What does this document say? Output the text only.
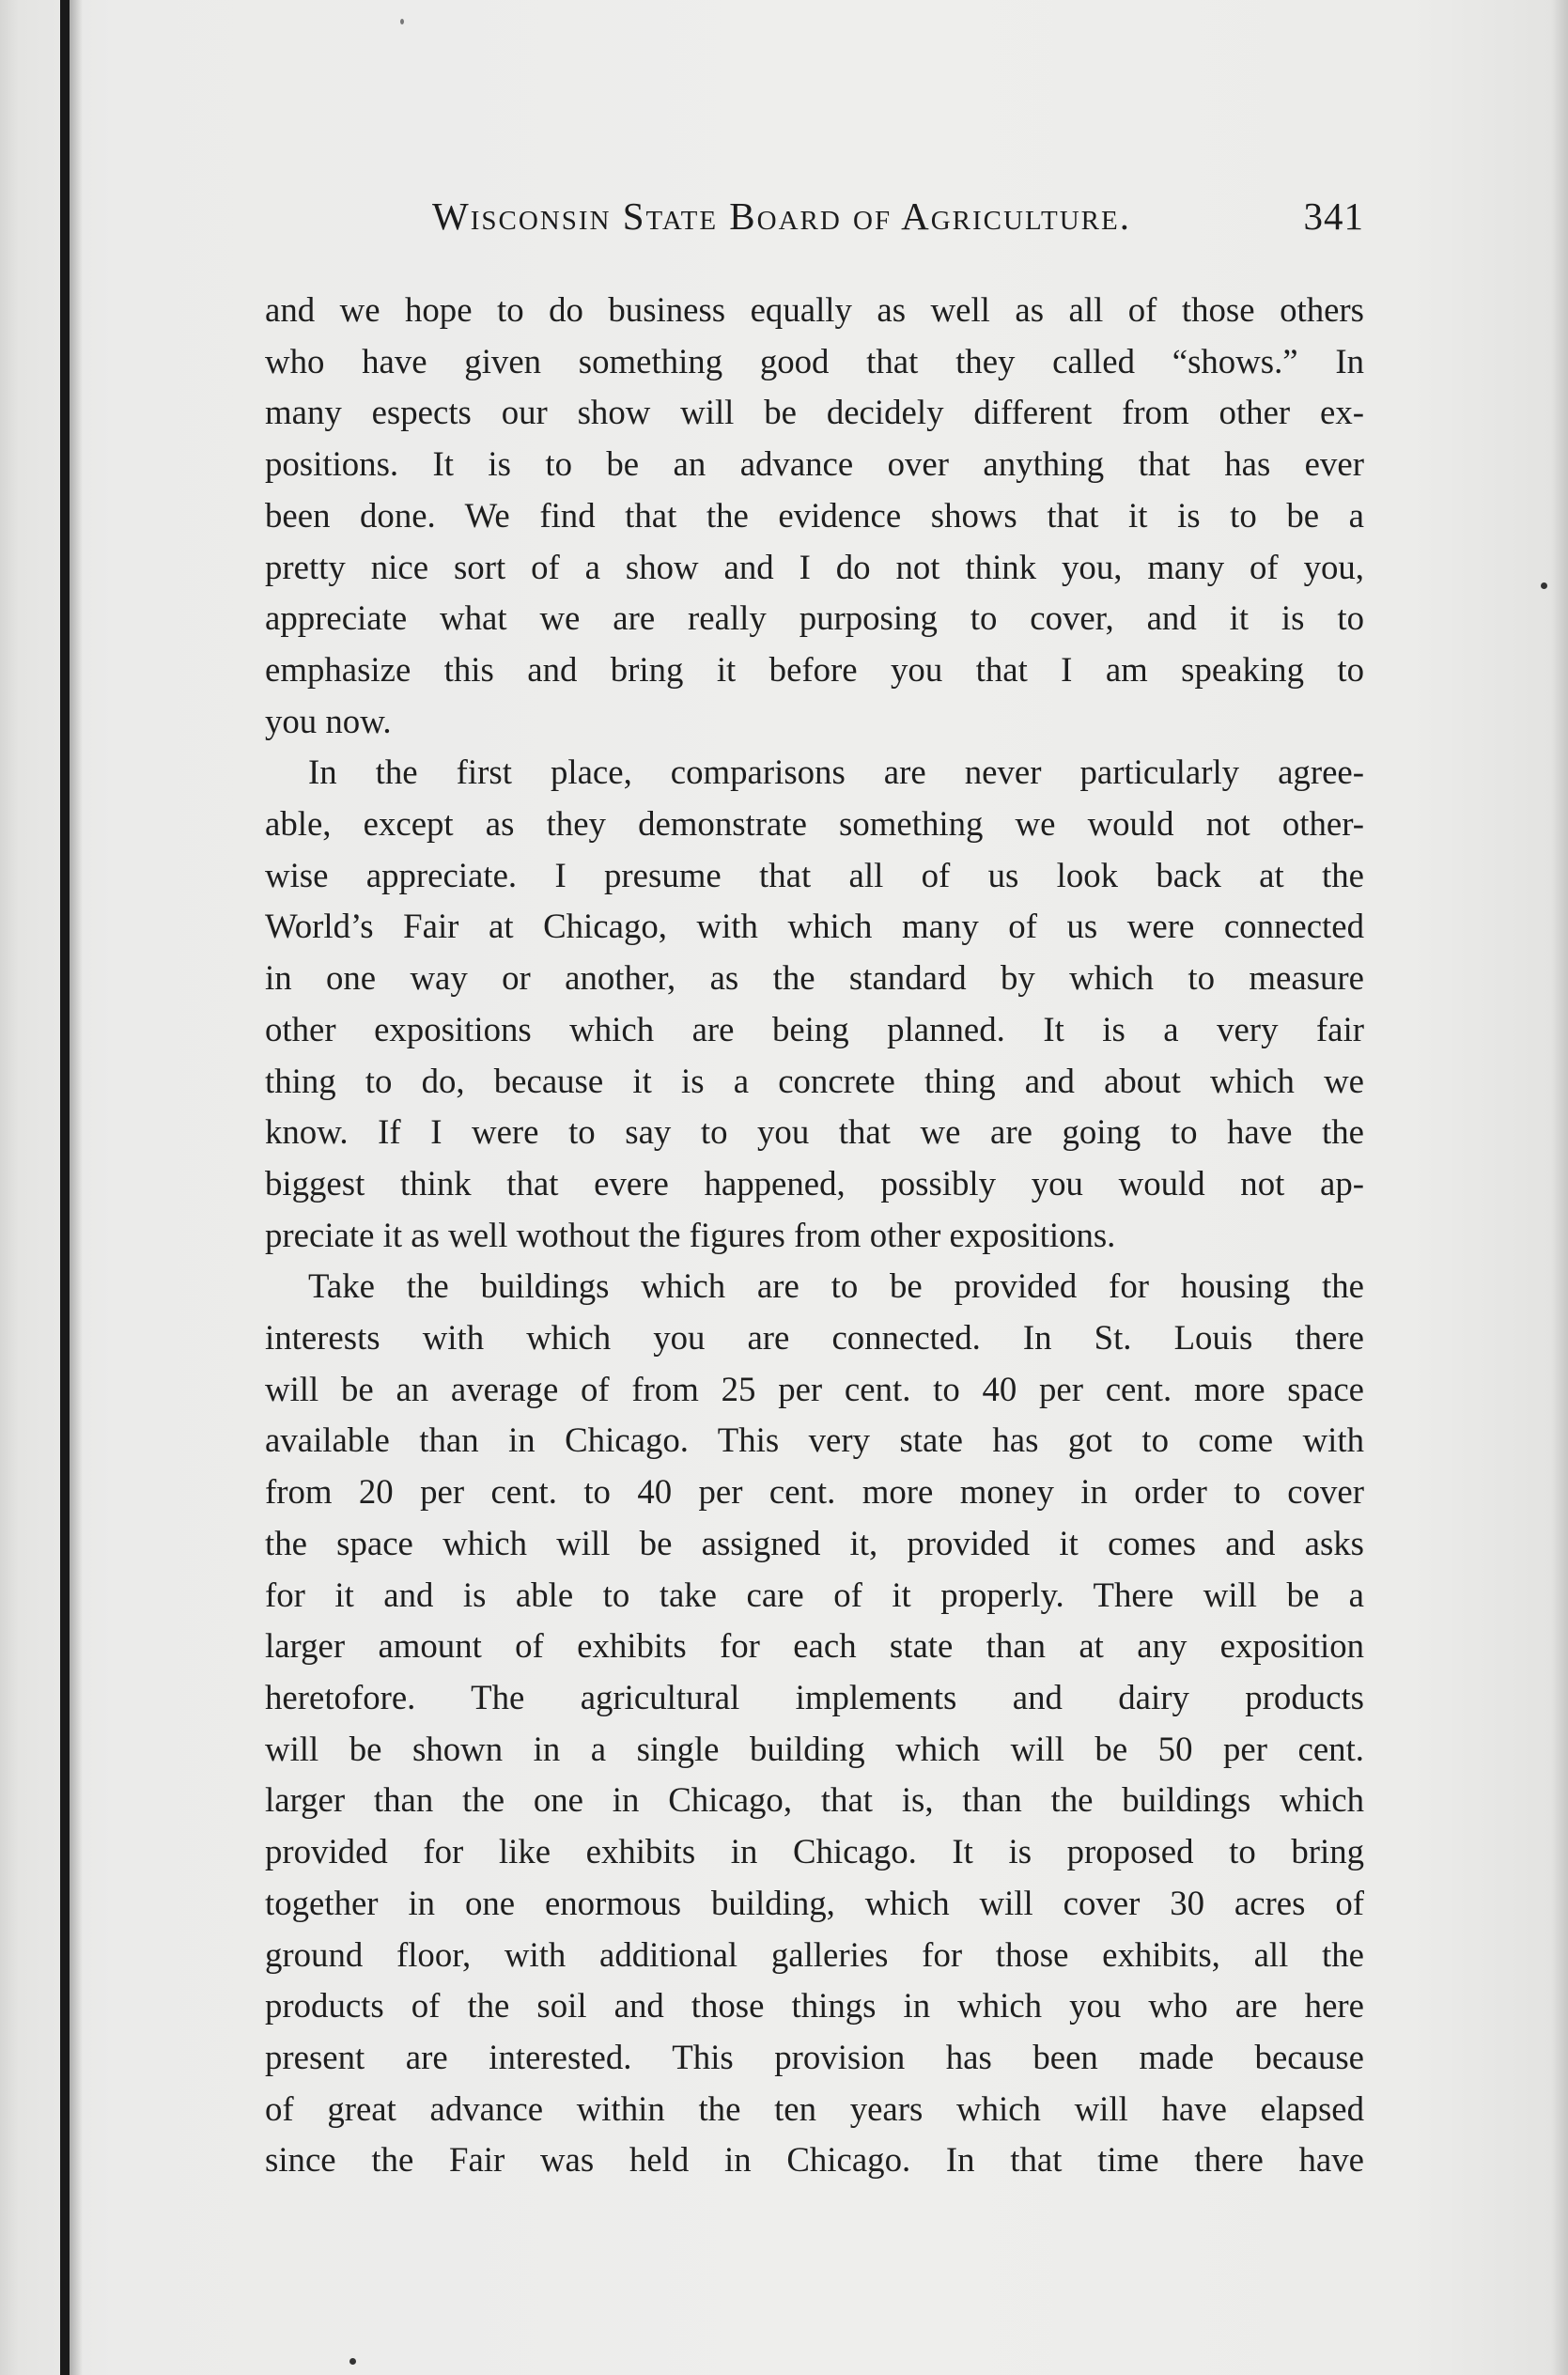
Wisconsin State Board of Agriculture.	341
and we hope to do business equally as well as all of those others
who have given something good that they called “shows.” In
many espects our show will be decidely different from other ex-
positions. It is to be an advance over anything that has ever
been done. We find that the evidence shows that it is to be a
pretty nice sort of a show and I do not think you, many of you,
appreciate what we are really purposing to cover, and it is to
emphasize this and bring it before you that I am speaking to
you now.
In the first place, comparisons are never particularly agree-
able, except as they demonstrate something we would not other-
wise appreciate. I presume that all of us look back at the
World’s Fair at Chicago, with which many of us were connected
in one way or another, as the standard by which to measure
other expositions which are being planned. It is a very fair
thing to do, because it is a concrete thing and about which we
know. If I were to say to you that we are going to have the
biggest think that evere happened, possibly you would not ap-
preciate it as well wothout the figures from other expositions.
Take the buildings which are to be provided for housing the
interests with which you are connected. In St. Louis there
will be an average of from 25 per cent. to 40 per cent. more space
available than in Chicago. This very state has got to come with
from 20 per cent. to 40 per cent. more money in order to cover
the space which will be assigned it, provided it comes and asks
for it and is able to take care of it properly. There will be a
larger amount of exhibits for each state than at any exposition
heretofore. The agricultural implements and dairy products
will be shown in a single building which will be 50 per cent.
larger than the one in Chicago, that is, than the buildings which
provided for like exhibits in Chicago. It is proposed to bring
together in one enormous building, which will cover 30 acres of
ground floor, with additional galleries for those exhibits, all the
products of the soil and those things in which you who are here
present are interested. This provision has been made because
of great advance within the ten years which will have elapsed
since the Fair was held in Chicago. In that time there have
